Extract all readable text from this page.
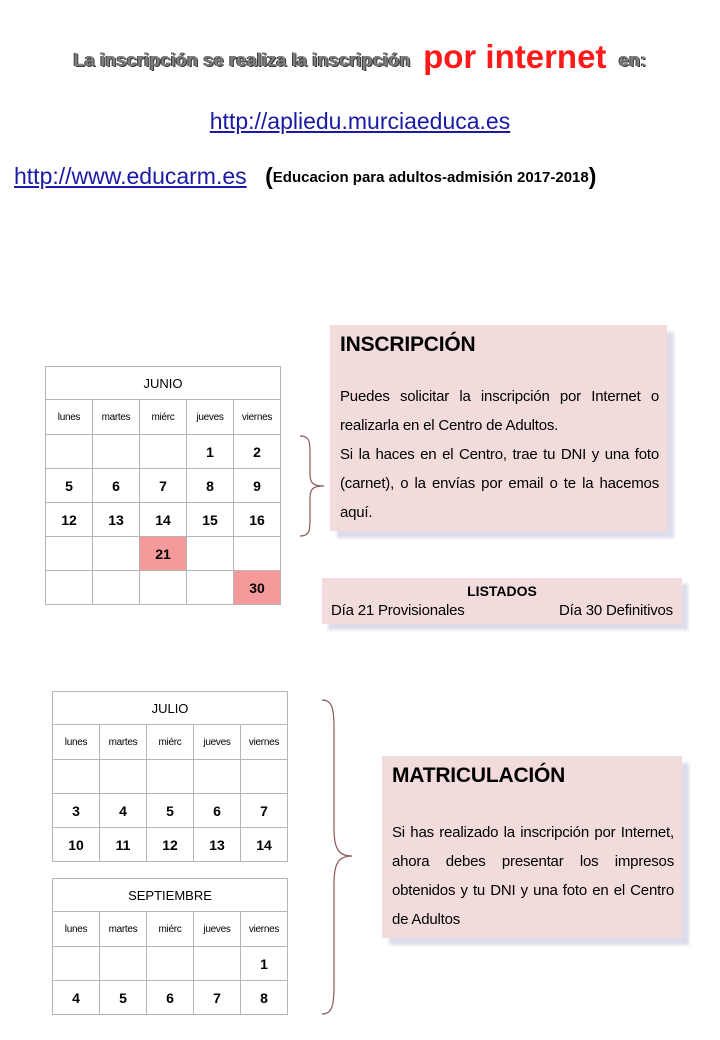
La inscripción se realiza la inscripción por internet en:
http://apliedu.murciaeduca.es
http://www.educarm.es (Educacion para adultos-admisión 2017-2018)
JUNIO				
lunes	martes	miérc	jueves	viernes
			1	2
5	6	7	8	9
12	13	14	15	16
		21		
				30
INSCRIPCIÓN
Puedes solicitar la inscripción por Internet o realizarla en el Centro de Adultos.
Si la haces en el Centro, trae tu DNI y una foto (carnet), o la envías por email o te la hacemos aquí.
LISTADOS
Día 21 Provisionales	Día 30 Definitivos
JULIO				
lunes	martes	miérc	jueves	viernes

3	4	5	6	7
10	11	12	13	14
SEPTIEMBRE				
lunes	martes	miérc	jueves	viernes
				1
4	5	6	7	8
MATRICULACIÓN
Si has realizado la inscripción por Internet, ahora debes presentar los impresos obtenidos y tu DNI y una foto en el Centro de Adultos
